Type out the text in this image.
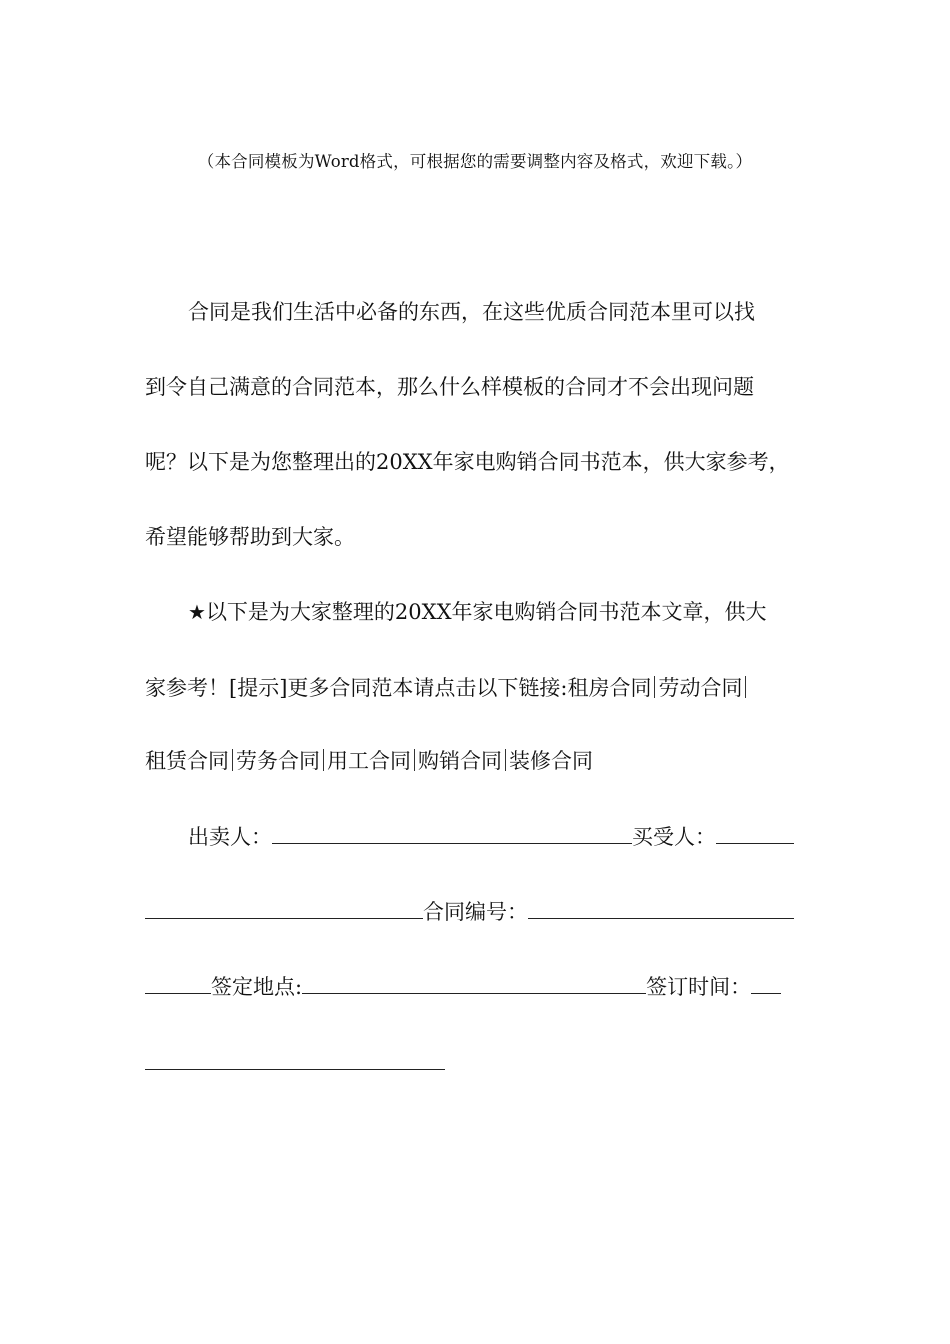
（本合同模板为Word格式，可根据您的需要调整内容及格式，欢迎下载。）
合同是我们生活中必备的东西，在这些优质合同范本里可以找
到令自己满意的合同范本，那么什么样模板的合同才不会出现问题
呢？以下是为您整理出的20XX年家电购销合同书范本，供大家参考，
希望能够帮助到大家。
★以下是为大家整理的20XX年家电购销合同书范本文章，供大
家参考！[提示]更多合同范本请点击以下链接:租房合同 劳动合同
租赁合同 劳务合同 用工合同 购销合同 装修合同
出卖人：	买受人：
合同编号：
签定地点:	签订时间：
